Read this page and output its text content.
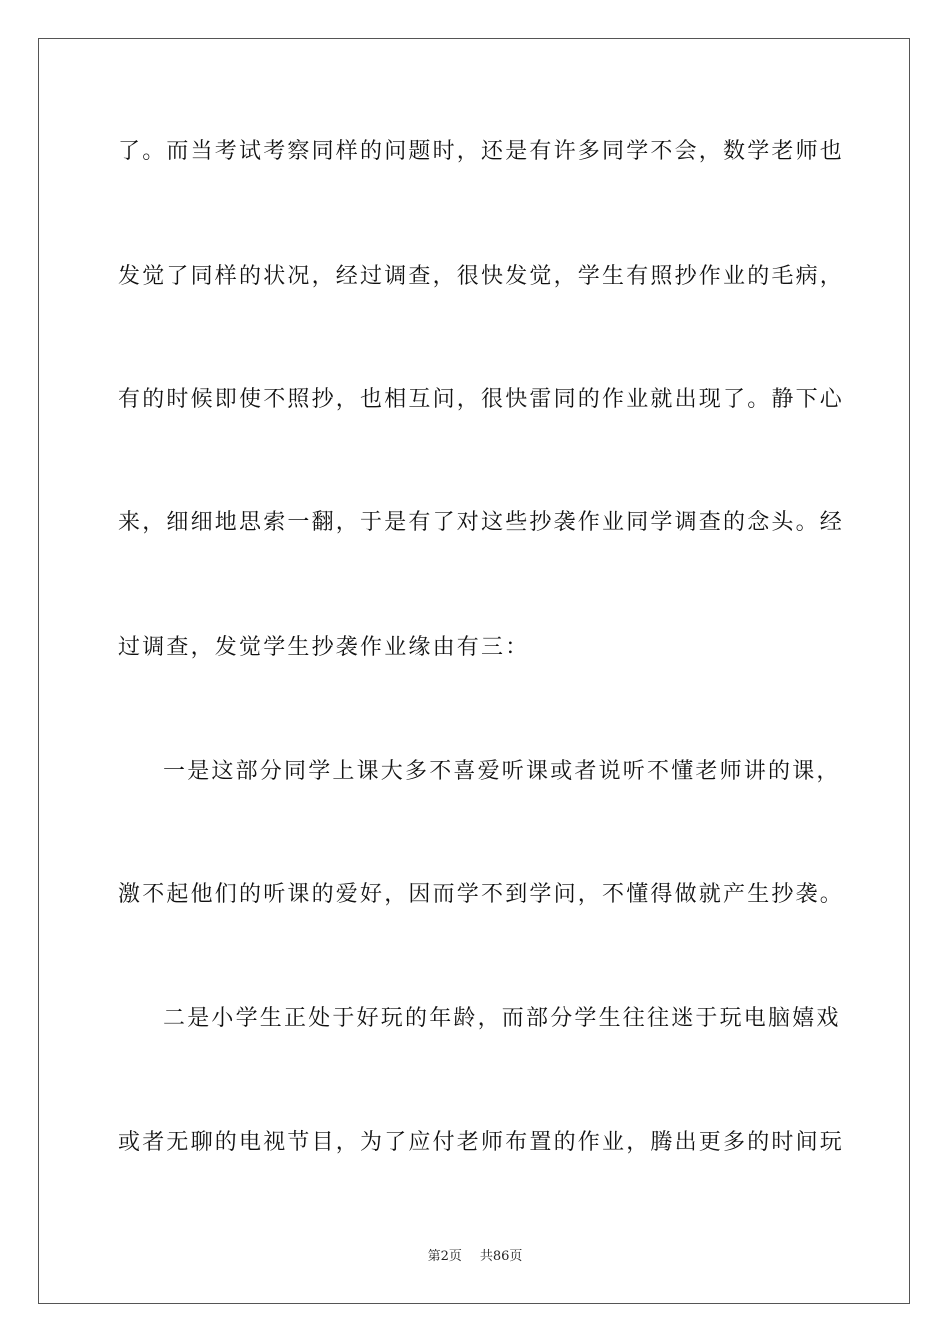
了。而当考试考察同样的问题时，还是有许多同学不会，数学老师也
发觉了同样的状况，经过调查，很快发觉，学生有照抄作业的毛病，
有的时候即使不照抄，也相互问，很快雷同的作业就出现了。静下心
来，细细地思索一翻，于是有了对这些抄袭作业同学调查的念头。经
过调查，发觉学生抄袭作业缘由有三：
一是这部分同学上课大多不喜爱听课或者说听不懂老师讲的课，
激不起他们的听课的爱好，因而学不到学问，不懂得做就产生抄袭。
二是小学生正处于好玩的年龄，而部分学生往往迷于玩电脑嬉戏
或者无聊的电视节目，为了应付老师布置的作业，腾出更多的时间玩
第2页 共86页
